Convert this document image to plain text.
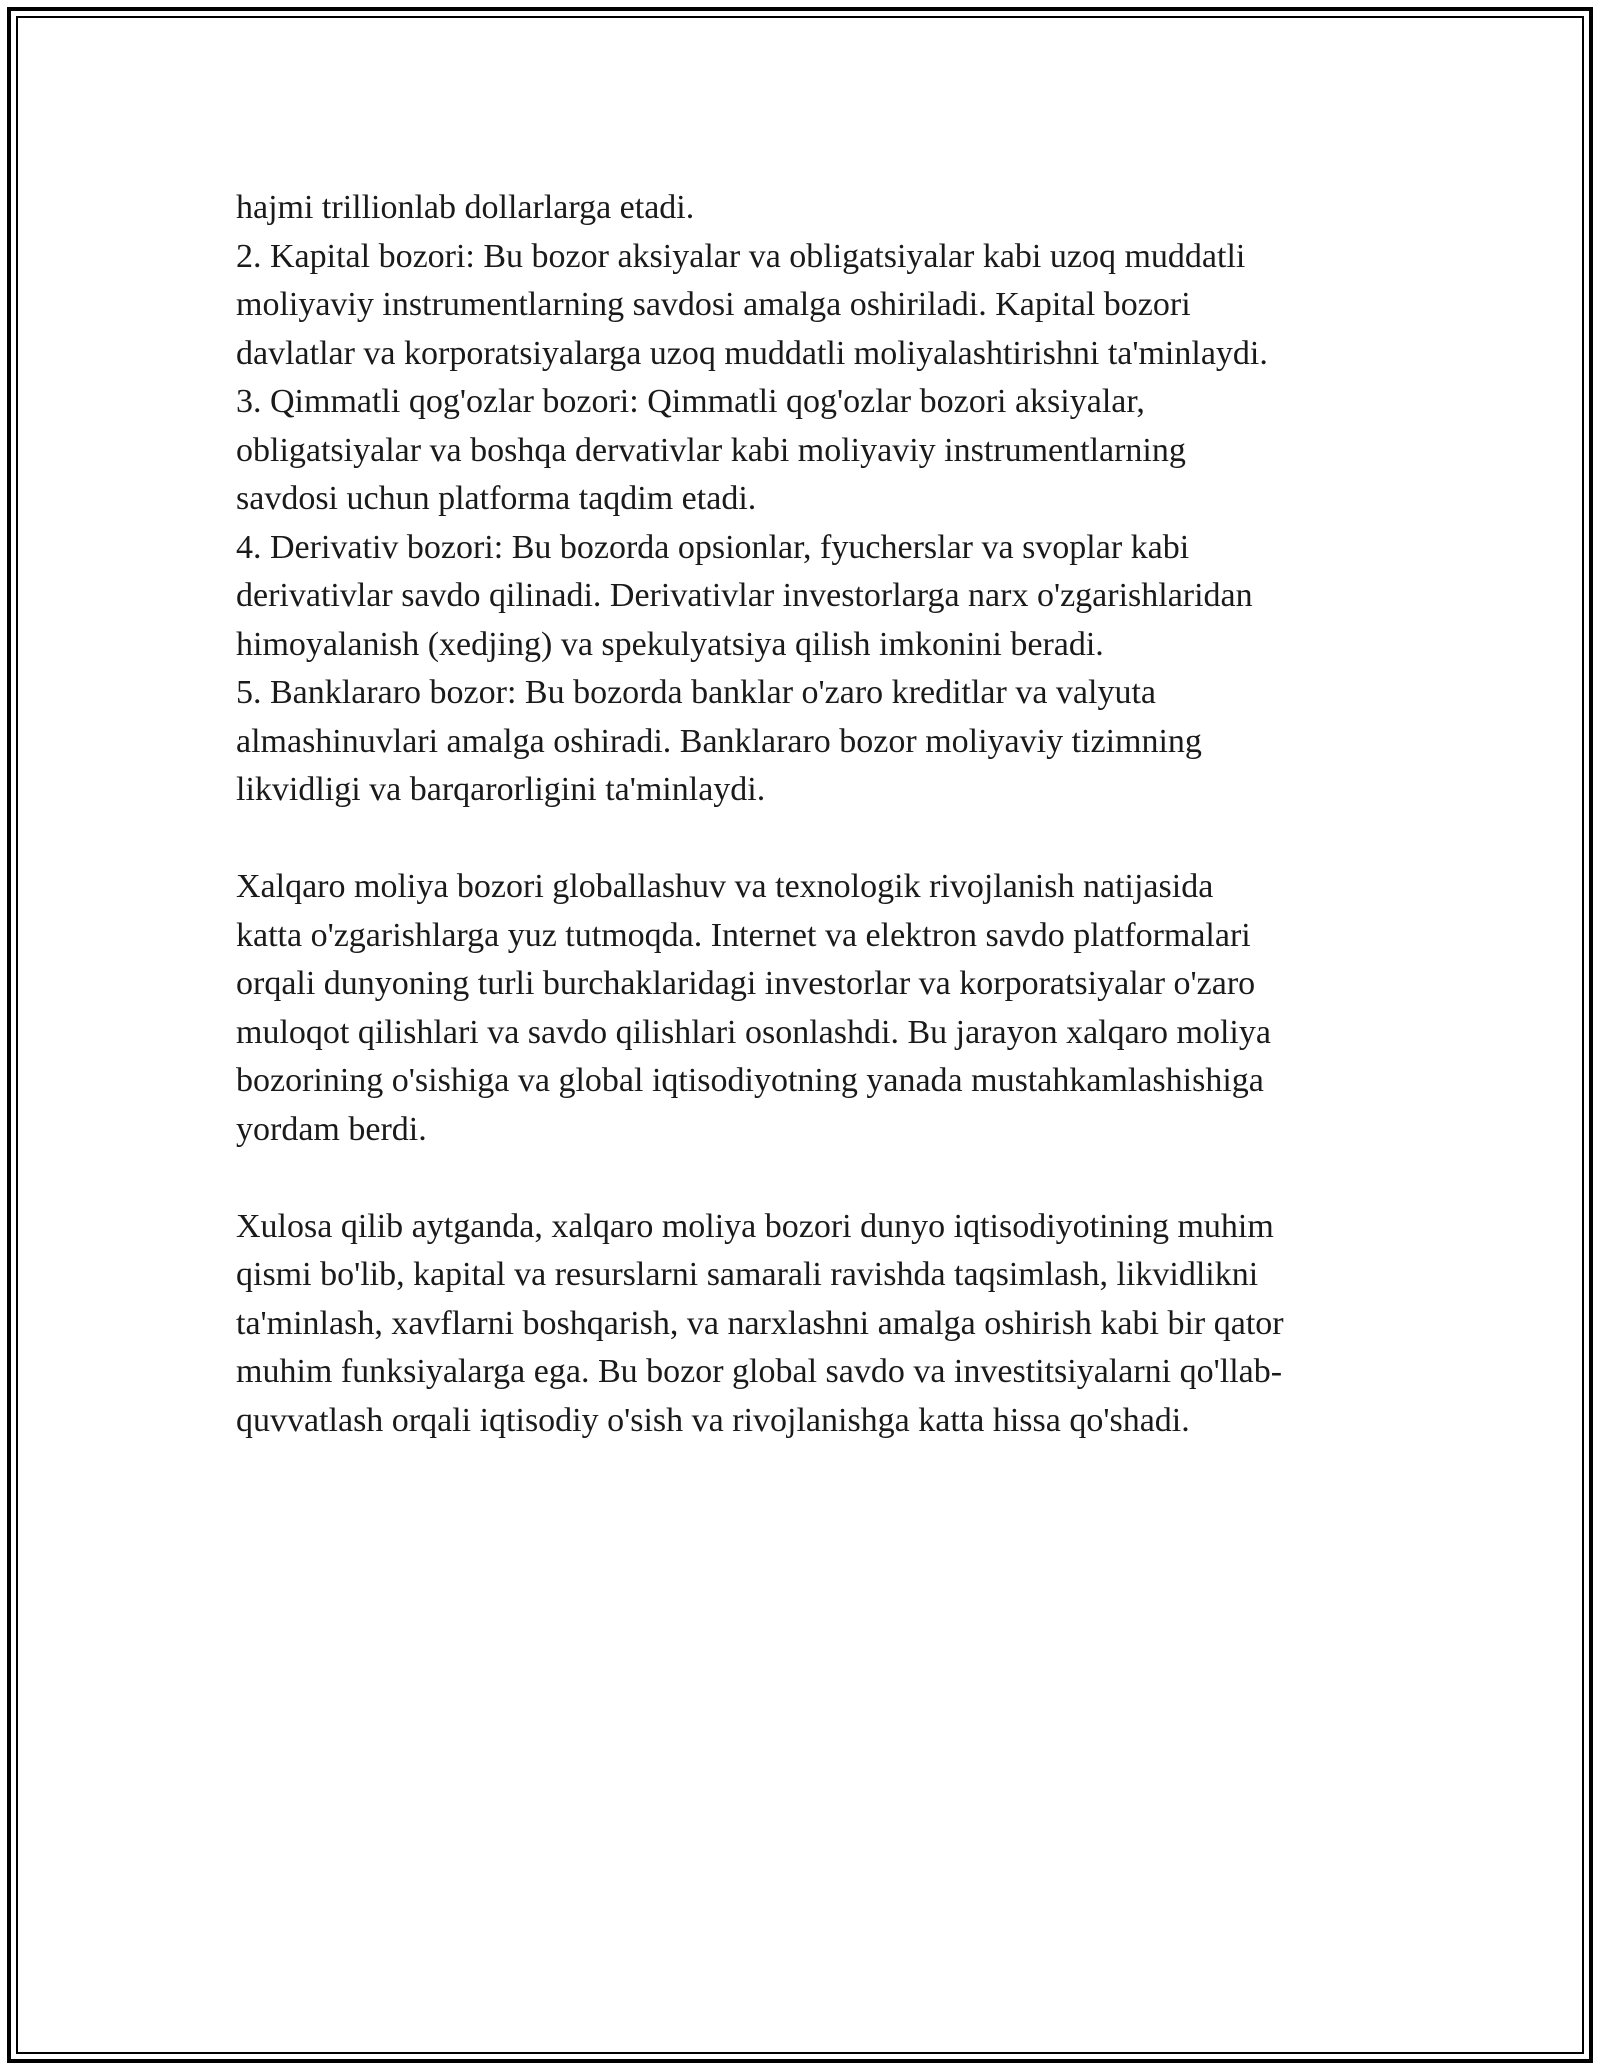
hajmi trillionlab dollarlarga etadi.
2. Kapital bozori: Bu bozor aksiyalar va obligatsiyalar kabi uzoq muddatli
moliyaviy instrumentlarning savdosi amalga oshiriladi. Kapital bozori
davlatlar va korporatsiyalarga uzoq muddatli moliyalashtirishni ta'minlaydi.
3. Qimmatli qog'ozlar bozori: Qimmatli qog'ozlar bozori aksiyalar,
obligatsiyalar va boshqa dervativlar kabi moliyaviy instrumentlarning
savdosi uchun platforma taqdim etadi.
4. Derivativ bozori: Bu bozorda opsionlar, fyucherslar va svoplar kabi
derivativlar savdo qilinadi. Derivativlar investorlarga narx o'zgarishlaridan
himoyalanish (xedjing) va spekulyatsiya qilish imkonini beradi.
5. Banklararo bozor: Bu bozorda banklar o'zaro kreditlar va valyuta
almashinuvlari amalga oshiradi. Banklararo bozor moliyaviy tizimning
likvidligi va barqarorligini ta'minlaydi.
Xalqaro moliya bozori globallashuv va texnologik rivojlanish natijasida
katta o'zgarishlarga yuz tutmoqda. Internet va elektron savdo platformalari
orqali dunyoning turli burchaklaridagi investorlar va korporatsiyalar o'zaro
muloqot qilishlari va savdo qilishlari osonlashdi. Bu jarayon xalqaro moliya
bozorining o'sishiga va global iqtisodiyotning yanada mustahkamlashishiga
yordam berdi.
Xulosa qilib aytganda, xalqaro moliya bozori dunyo iqtisodiyotining muhim
qismi bo'lib, kapital va resurslarni samarali ravishda taqsimlash, likvidlikni
ta'minlash, xavflarni boshqarish, va narxlashni amalga oshirish kabi bir qator
muhim funksiyalarga ega. Bu bozor global savdo va investitsiyalarni qo'llab-
quvvatlash orqali iqtisodiy o'sish va rivojlanishga katta hissa qo'shadi.
